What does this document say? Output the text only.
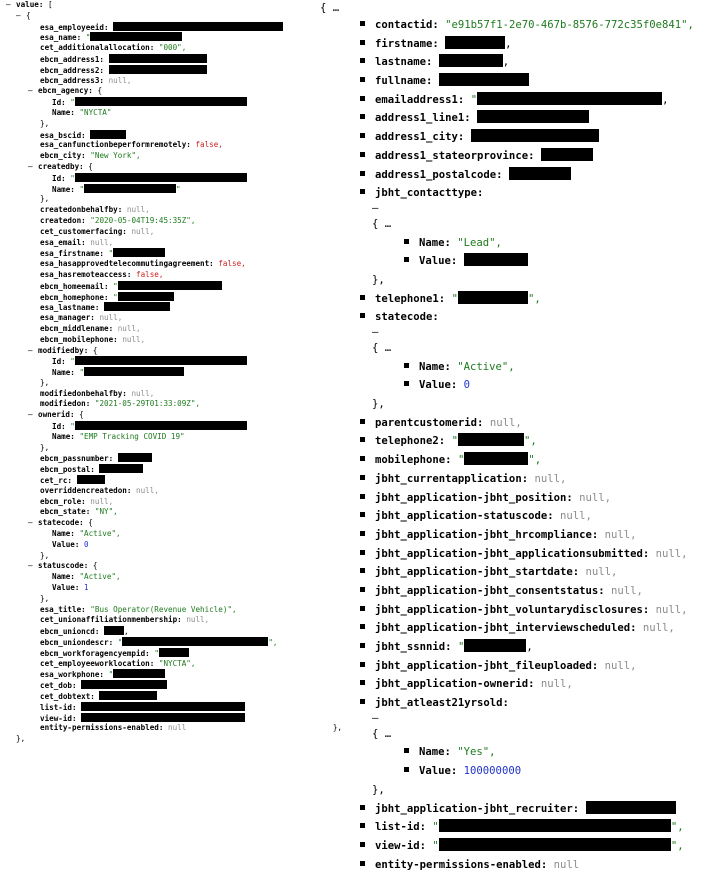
– value: [
– {
esa_employeeid:
esa_name: "
cet_additionalallocation: "000",
ebcm_address1:
ebcm_address2:
ebcm_address3: null,
– ebcm_agency: {
Id: "
Name: "NYCTA"
},
esa_bscid:
esa_canfunctionbeperformremotely: false,
ebcm_city: "New York",
– createdby: {
Id: "
Name: "	"
},
createdonbehalfby: null,
createdon: "2020-05-04T19:45:35Z",
cet_customerfacing: null,
esa_email: null,
esa_firstname: "
esa_hasapprovedtelecommutingagreement: false,
esa_hasremoteaccess: false,
ebcm_homeemail: "
ebcm_homephone: "
esa_lastname:
esa_manager: null,
ebcm_middlename: null,
ebcm_mobilephone: null,
– modifiedby: {
Id: "
Name: "
},
modifiedonbehalfby: null,
modifiedon: "2021-05-29T01:33:09Z",
– ownerid: {
Id: "
Name: "EMP Tracking COVID 19"
},
ebcm_passnumber:
ebcm_postal:
cet_rc:
overriddencreatedon: null,
ebcm_role: null,
ebcm_state: "NY",
– statecode: {
Name: "Active",
Value: 0
},
– statuscode: {
Name: "Active",
Value: 1
},
esa_title: "Bus Operator(Revenue Vehicle)",
cet_unionaffiliationmembership: null,
ebcm_unioncd:	,
ebcm_uniondescr: "	",
ebcm_workforagencyempid: "
cet_employeeworklocation: "NYCTA",
esa_workphone: "
cet_dob:
cet_dobtext:
list-id:
view-id:
entity-permissions-enabled: null	},
},
{ …
contactid: "e91b57f1-2e70-467b-8576-772c35f0e841",
firstname:	,
lastname:	,
fullname:
emailaddress1: "	,
address1_line1:
address1_city:
address1_stateorprovince:
address1_postalcode:
jbht_contacttype:
–
{ …
Name: "Lead",
Value:
},
telephone1: "	",
statecode:
–
{ …
Name: "Active",
Value: 0
},
parentcustomerid: null,
telephone2: "	",
mobilephone: "	",
jbht_currentapplication: null,
jbht_application-jbht_position: null,
jbht_application-statuscode: null,
jbht_application-jbht_hrcompliance: null,
jbht_application-jbht_applicationsubmitted: null,
jbht_application-jbht_startdate: null,
jbht_application-jbht_consentstatus: null,
jbht_application-jbht_voluntarydisclosures: null,
jbht_application-jbht_interviewscheduled: null,
jbht_ssnnid: "	,
jbht_application-jbht_fileuploaded: null,
jbht_application-ownerid: null,
jbht_atleast21yrsold:
–
{ …
Name: "Yes",
Value: 100000000
},
jbht_application-jbht_recruiter:
list-id: "	",
view-id: "	",
entity-permissions-enabled: null
